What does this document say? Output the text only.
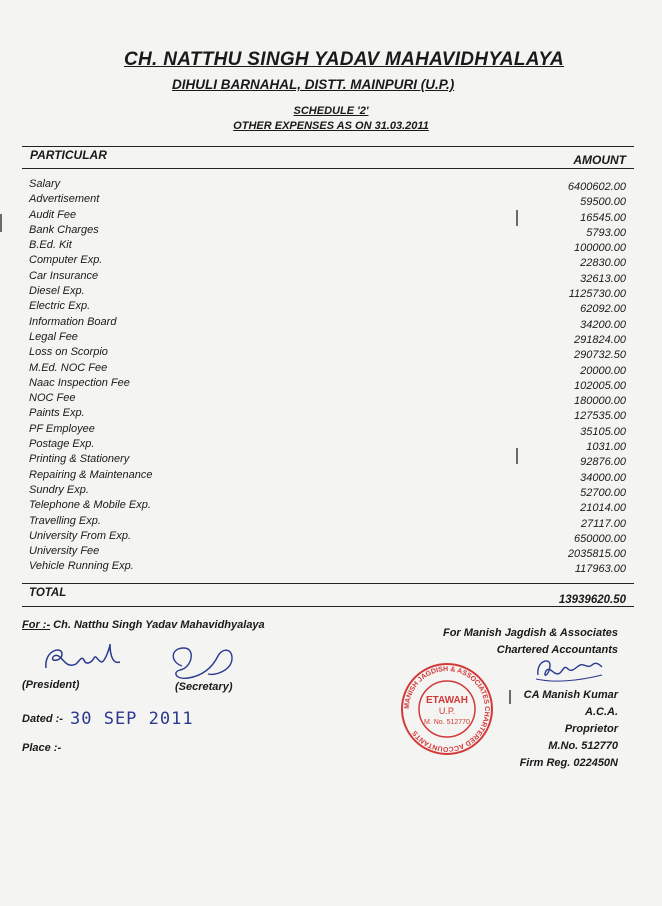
CH. NATTHU SINGH YADAV MAHAVIDHYALAYA
DIHULI BARNAHAL, DISTT. MAINPURI (U.P.)
SCHEDULE '2'
OTHER EXPENSES AS ON 31.03.2011
PARTICULAR	AMOUNT
Salary
Advertisement
Audit Fee
Bank Charges
B.Ed. Kit
Computer Exp.
Car Insurance
Diesel Exp.
Electric Exp.
Information Board
Legal Fee
Loss on Scorpio
M.Ed. NOC Fee
Naac Inspection Fee
NOC Fee
Paints Exp.
PF Employee
Postage Exp.
Printing & Stationery
Repairing & Maintenance
Sundry Exp.
Telephone & Mobile Exp.
Travelling Exp.
University From Exp.
University Fee
Vehicle Running Exp.
6400602.00
59500.00
16545.00
5793.00
100000.00
22830.00
32613.00
1125730.00
62092.00
34200.00
291824.00
290732.50
20000.00
102005.00
180000.00
127535.00
35105.00
1031.00
92876.00
34000.00
52700.00
21014.00
27117.00
650000.00
2035815.00
117963.00
TOTAL
13939620.50
For :- Ch. Natthu Singh Yadav Mahavidhyalaya
(President)	(Secretary)
Dated :- 30 SEP 2011
Place :-
For Manish Jagdish & Associates
Chartered Accountants
CA Manish Kumar
A.C.A.
Proprietor
M.No. 512770
Firm Reg. 022450N
MANISH JAGDISH & ASSOCIATES CHARTERED ACCOUNTANTS
ETAWAH
U.P.
M. No. 512770
